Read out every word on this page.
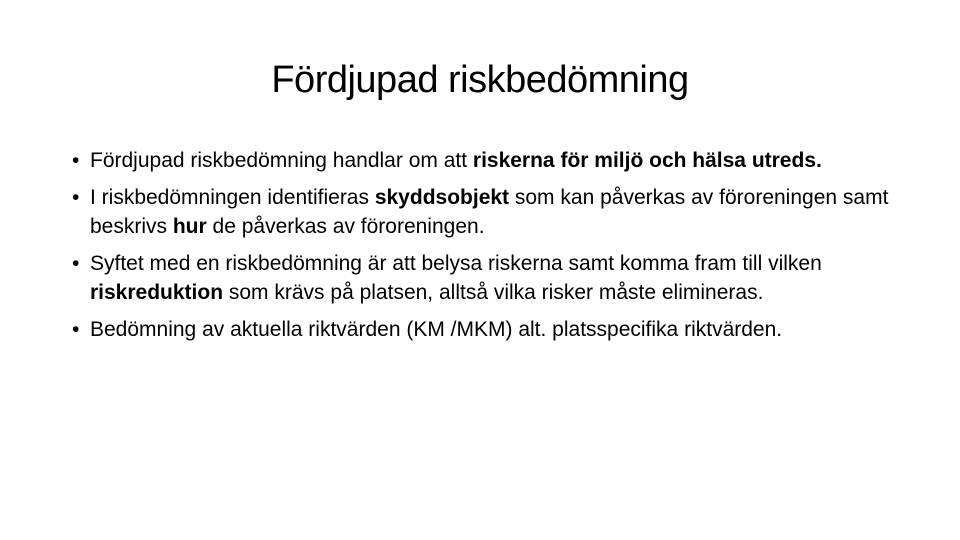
Fördjupad riskbedömning
• Fördjupad riskbedömning handlar om att riskerna för miljö och hälsa utreds.
• I riskbedömningen identifieras skyddsobjekt som kan påverkas av föroreningen samt beskrivs hur de påverkas av föroreningen.
• Syftet med en riskbedömning är att belysa riskerna samt komma fram till vilken riskreduktion som krävs på platsen, alltså vilka risker måste elimineras.
• Bedömning av aktuella riktvärden (KM /MKM) alt. platsspecifika riktvärden.
